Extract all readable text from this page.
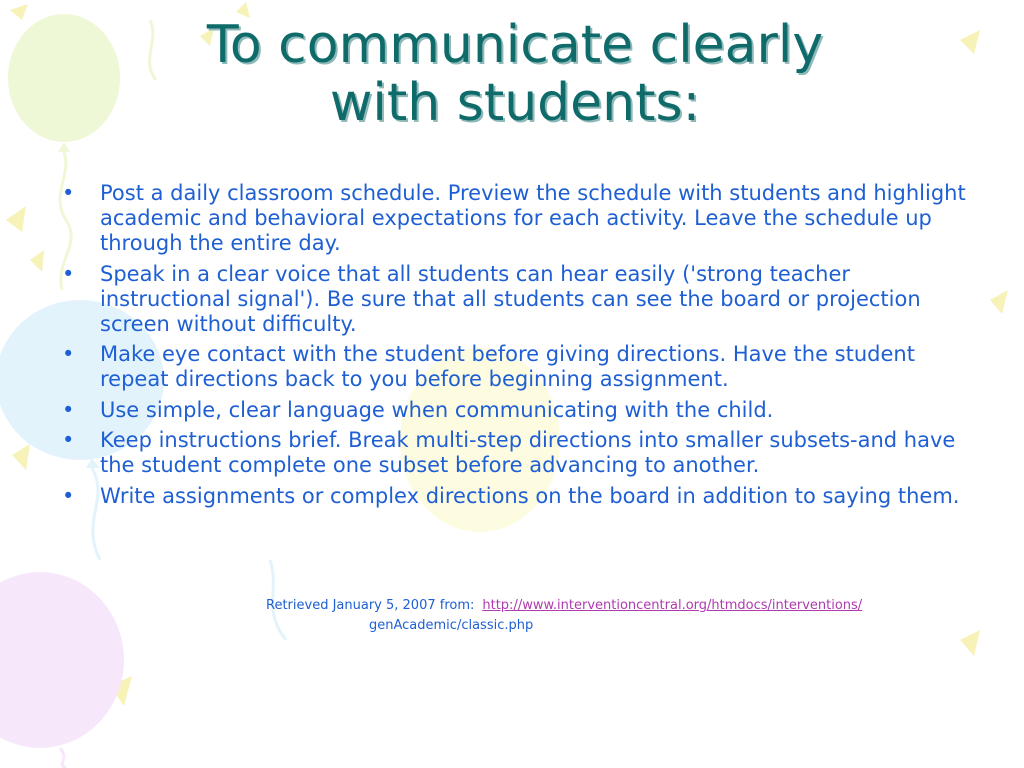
To communicate clearly
with students:
• Post a daily classroom schedule. Preview the schedule with students and highlight academic and behavioral expectations for each activity. Leave the schedule up through the entire day.
• Speak in a clear voice that all students can hear easily ('strong teacher instructional signal'). Be sure that all students can see the board or projection screen without difficulty.
• Make eye contact with the student before giving directions. Have the student repeat directions back to you before beginning assignment.
• Use simple, clear language when communicating with the child.
• Keep instructions brief. Break multi-step directions into smaller subsets-and have the student complete one subset before advancing to another.
• Write assignments or complex directions on the board in addition to saying them.
Retrieved January 5, 2007 from: http://www.interventioncentral.org/htmdocs/interventions/
genAcademic/classic.php
